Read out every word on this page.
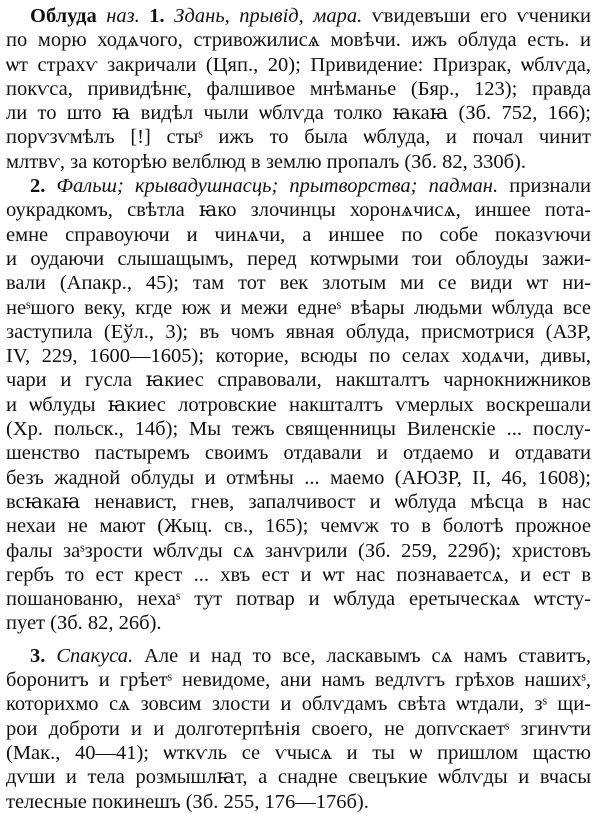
Облуда наз. 1. Здань, прывід, мара. ѵвидевъши его ѵченики
по морю ходѧчого, стривожилисѧ мовѣчи. ижъ облуда есть. и
ѡт страхѵ закричали (Цяп., 20); Привидение: Призрак, ѡблѵда,
покѵса, привидѣнѥ, фалшивое мнѣманье (Бяр., 123); правда
ли то што ꙗ видѣл чыли ѡблѵда толко ꙗкаꙗ (Зб. 752, 166);
порѵзѵмѣлъ [!] стыˢ ижъ то была ѡблуда, и почал чинит
млтвѵ, за которѣю велблюд в землю пропалъ (Зб. 82, 330б).
2. Фальш; крывадушнасць; прытворства; падман. признали
оукрадкомъ, свѣтла ꙗко злочинцы хоронѧчисѧ, иншее пота-
емне справоуючи и чинѧчи, а иншее по собе показѵючи
и оудаючи слышащымъ, перед котѡрыми тои облоуды зажи-
вали (Апакр., 45); там тот век злотым ми се види ѡт ни-
неˢшого веку, кгде юж и межи еднеˢ вѣары людьми ѡблуда все
заступила (Еўл., 3); въ чомъ явная облуда, присмотрися (АЗР,
IV, 229, 1600—1605); которие, всюды по селах ходѧчи, дивы,
чари и гусла ꙗкиес справовали, накшталтъ чарнокнижников
и ѡблуды ꙗкиес лотровские накшталтъ ѵмерлых воскрешали
(Хр. польск., 14б); Мы тежъ священницы Виленскіе ... послу-
шенство пастыремъ своимъ отдавали и отдаемо и отдавати
безъ жадной облуды и отмѣны ... маемо (АЮЗР, II, 46, 1608);
всꙗкаꙗ ненавист, гнев, запалчивост и ѡблуда мѣсца в нас
нехаи не мают (Жыц. св., 165); чемѵж то в болотѣ прожное
фалы заˢзрости ѡблѵды сѧ занѵрили (Зб. 259, 229б); христовъ
гербъ то ест крест ... хвъ ест и ѡт нас познаваетсѧ, и ест в
пошанованю, нехаˢ тут потвар и ѡблуда еретыческаѧ ѡтсту-
пует (Зб. 82, 26б).
3. Спакуса. Але и над то все, ласкавымъ сѧ намъ ставитъ,
боронитъ и грѣетˢ невидоме, ани намъ ведлѵгъ грѣхов нашихˢ,
которихмо сѧ зовсим злости и облѵдамъ свѣта ѡтдали, зˢ щи-
рои доброти и и долготерпѣнія своего, не допѵскаетˢ згинѵти
(Мак., 40—41); ѡткѵль се ѵчысѧ и ты ѡ пришлом щастю
дѵши и тела розмышлꙗт, а снадне свецъкие ѡблѵды и вчасы
телесные покинешъ (Зб. 255, 176—176б).
